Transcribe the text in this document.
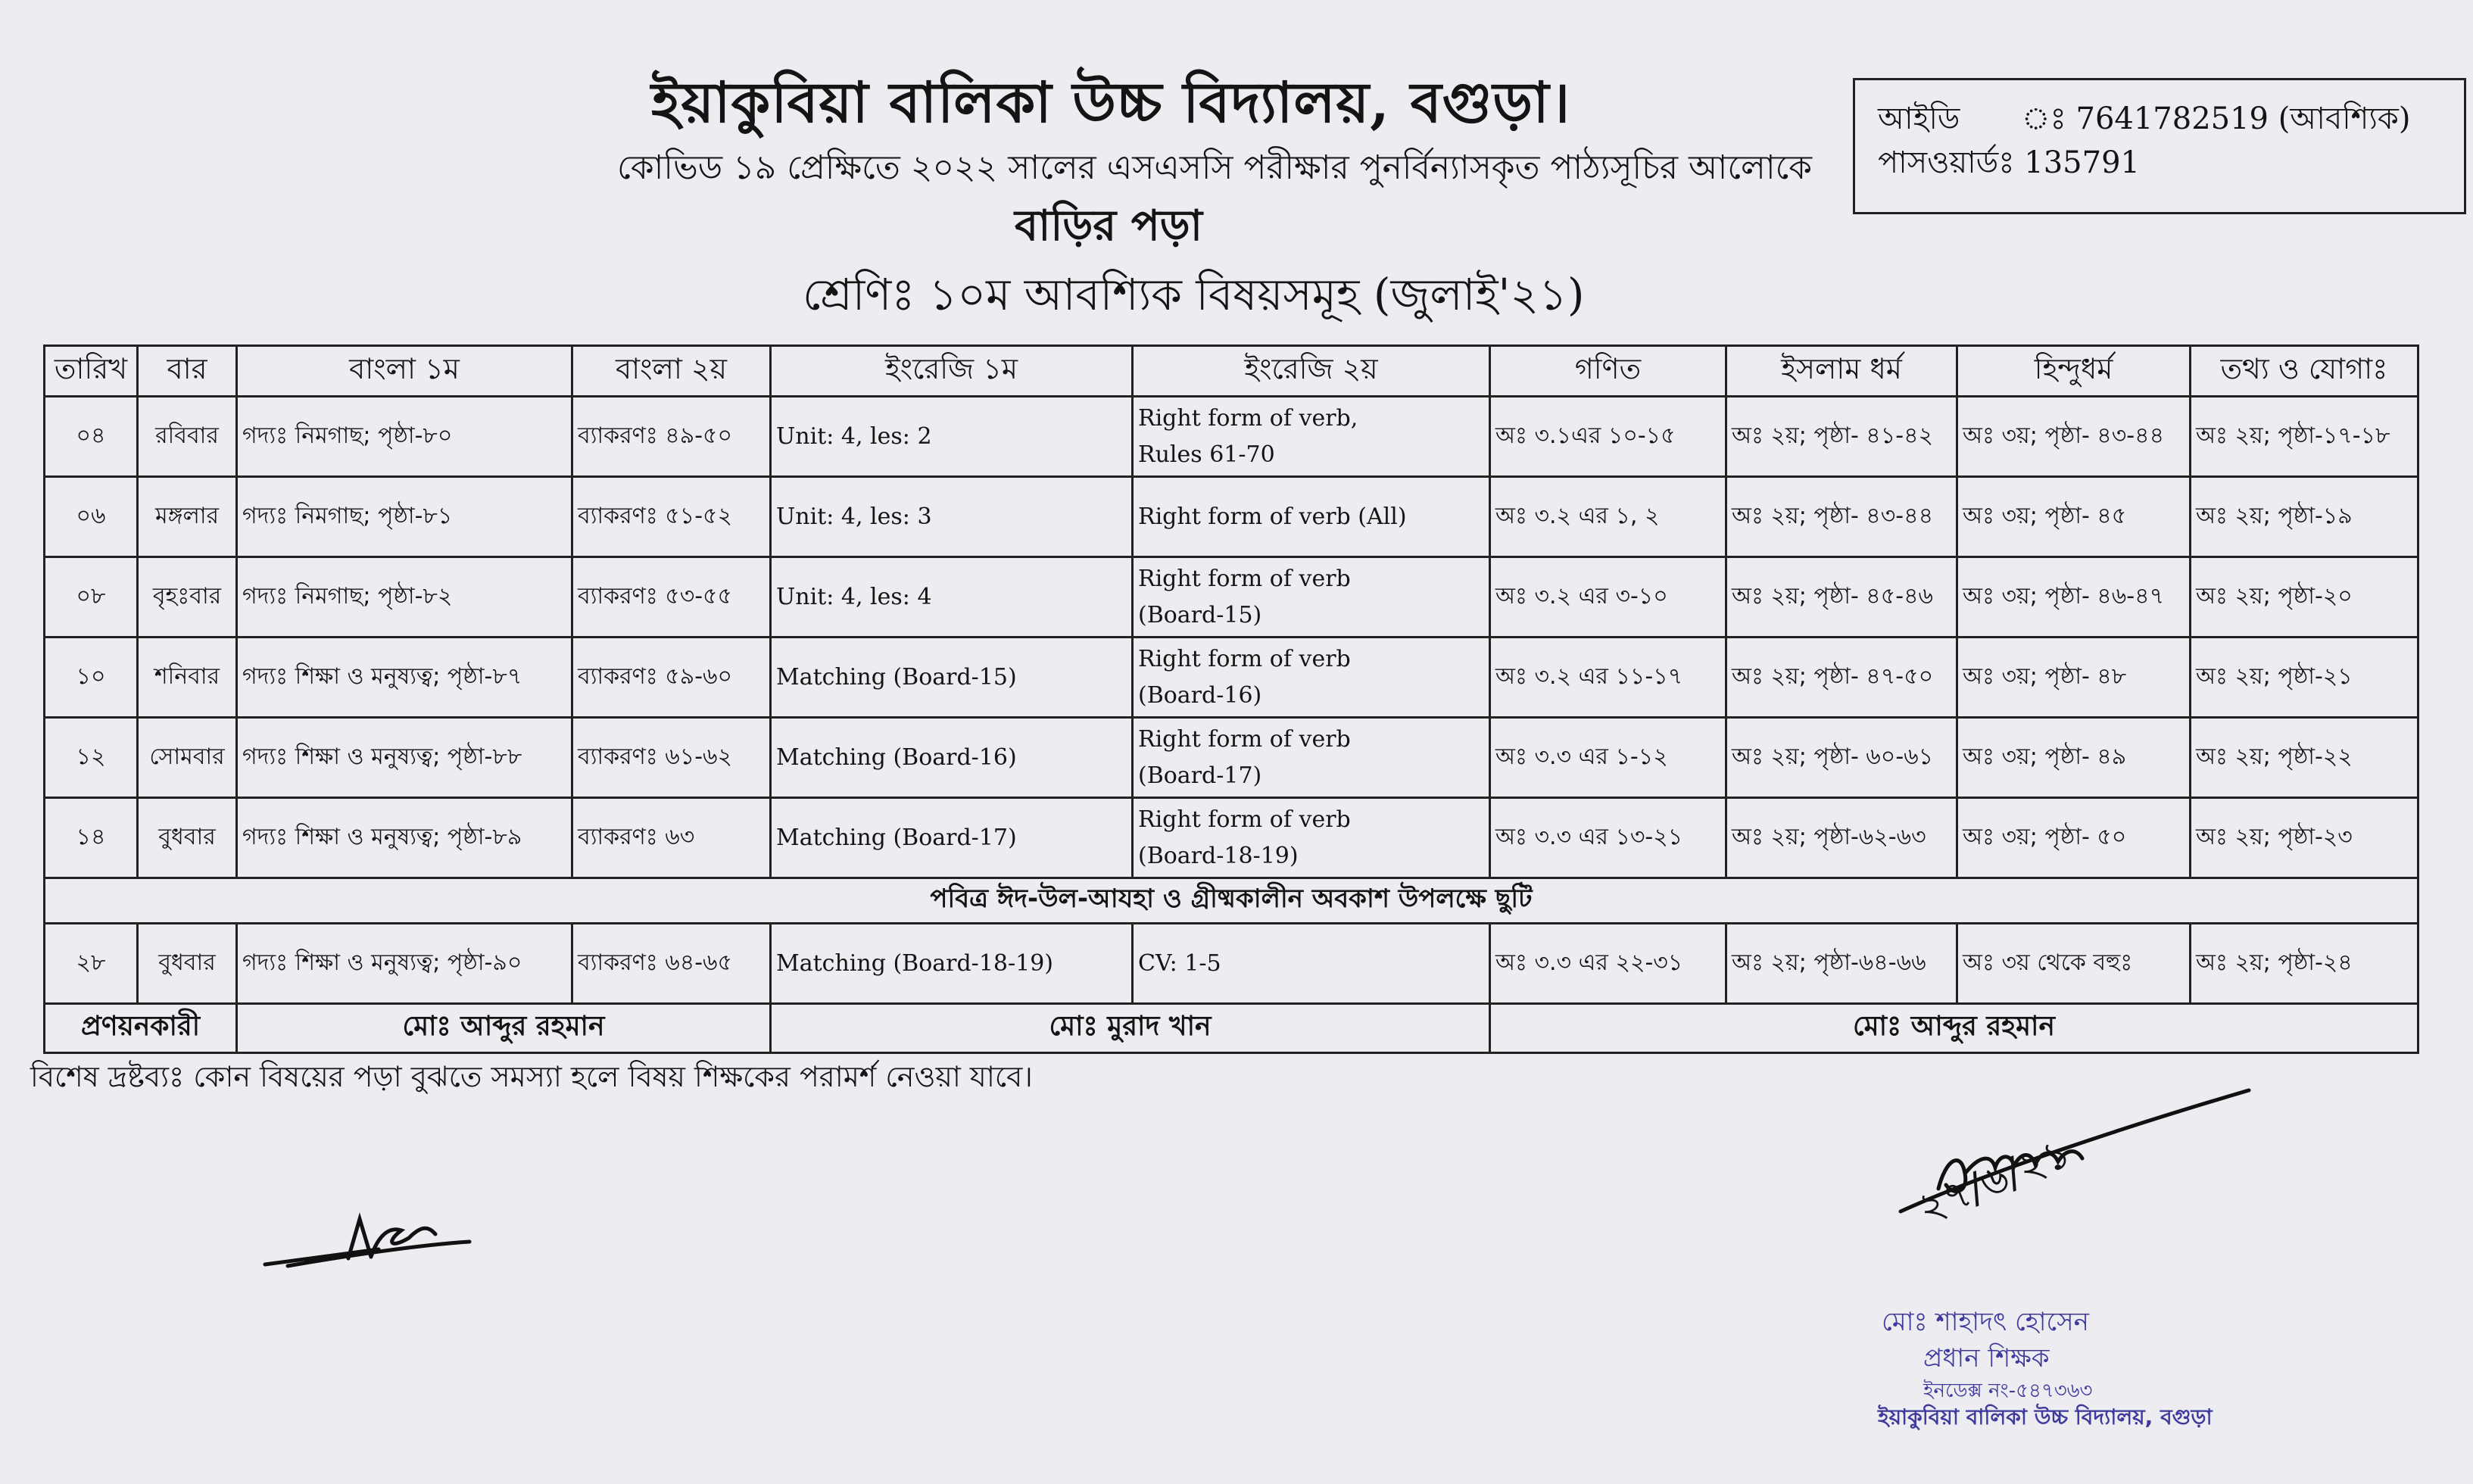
ইয়াকুবিয়া বালিকা উচ্চ বিদ্যালয়, বগুড়া।
কোভিড ১৯ প্রেক্ষিতে ২০২২ সালের এসএসসি পরীক্ষার পুনর্বিন্যাসকৃত পাঠ্যসূচির আলোকে
বাড়ির পড়া
শ্রেণিঃ ১০ম আবশ্যিক বিষয়সমূহ (জুলাই'২১)
আইডি ঃ 7641782519 (আবশ্যিক)
পাসওয়ার্ডঃ 135791
তারিখ	বার	বাংলা ১ম	বাংলা ২য়	ইংরেজি ১ম	ইংরেজি ২য়	গণিত	ইসলাম ধর্ম	হিন্দুধর্ম	তথ্য ও যোগাঃ
০৪	রবিবার	গদ্যঃ নিমগাছ; পৃষ্ঠা-৮০	ব্যাকরণঃ ৪৯-৫০	Unit: 4, les: 2	Right form of verb,
Rules 61-70	অঃ ৩.১এর ১০-১৫	অঃ ২য়; পৃষ্ঠা- ৪১-৪২	অঃ ৩য়; পৃষ্ঠা- ৪৩-৪৪	অঃ ২য়; পৃষ্ঠা-১৭-১৮
০৬	মঙ্গলার	গদ্যঃ নিমগাছ; পৃষ্ঠা-৮১	ব্যাকরণঃ ৫১-৫২	Unit: 4, les: 3	Right form of verb (All)	অঃ ৩.২ এর ১, ২	অঃ ২য়; পৃষ্ঠা- ৪৩-৪৪	অঃ ৩য়; পৃষ্ঠা- ৪৫	অঃ ২য়; পৃষ্ঠা-১৯
০৮	বৃহঃবার	গদ্যঃ নিমগাছ; পৃষ্ঠা-৮২	ব্যাকরণঃ ৫৩-৫৫	Unit: 4, les: 4	Right form of verb
(Board-15)	অঃ ৩.২ এর ৩-১০	অঃ ২য়; পৃষ্ঠা- ৪৫-৪৬	অঃ ৩য়; পৃষ্ঠা- ৪৬-৪৭	অঃ ২য়; পৃষ্ঠা-২০
১০	শনিবার	গদ্যঃ শিক্ষা ও মনুষ্যত্ব; পৃষ্ঠা-৮৭	ব্যাকরণঃ ৫৯-৬০	Matching (Board-15)	Right form of verb
(Board-16)	অঃ ৩.২ এর ১১-১৭	অঃ ২য়; পৃষ্ঠা- ৪৭-৫০	অঃ ৩য়; পৃষ্ঠা- ৪৮	অঃ ২য়; পৃষ্ঠা-২১
১২	সোমবার	গদ্যঃ শিক্ষা ও মনুষ্যত্ব; পৃষ্ঠা-৮৮	ব্যাকরণঃ ৬১-৬২	Matching (Board-16)	Right form of verb
(Board-17)	অঃ ৩.৩ এর ১-১২	অঃ ২য়; পৃষ্ঠা- ৬০-৬১	অঃ ৩য়; পৃষ্ঠা- ৪৯	অঃ ২য়; পৃষ্ঠা-২২
১৪	বুধবার	গদ্যঃ শিক্ষা ও মনুষ্যত্ব; পৃষ্ঠা-৮৯	ব্যাকরণঃ ৬৩	Matching (Board-17)	Right form of verb
(Board-18-19)	অঃ ৩.৩ এর ১৩-২১	অঃ ২য়; পৃষ্ঠা-৬২-৬৩	অঃ ৩য়; পৃষ্ঠা- ৫০	অঃ ২য়; পৃষ্ঠা-২৩
পবিত্র ঈদ-উল-আযহা ও গ্রীষ্মকালীন অবকাশ উপলক্ষে ছুটি									
২৮	বুধবার	গদ্যঃ শিক্ষা ও মনুষ্যত্ব; পৃষ্ঠা-৯০	ব্যাকরণঃ ৬৪-৬৫	Matching (Board-18-19)	CV: 1-5	অঃ ৩.৩ এর ২২-৩১	অঃ ২য়; পৃষ্ঠা-৬৪-৬৬	অঃ ৩য় থেকে বহুঃ	অঃ ২য়; পৃষ্ঠা-২৪
প্রণয়নকারী		মোঃ আব্দুর রহমান		মোঃ মুরাদ খান		মোঃ আব্দুর রহমান			
বিশেষ দ্রষ্টব্যঃ কোন বিষয়ের পড়া বুঝতে সমস্যা হলে বিষয় শিক্ষকের পরামর্শ নেওয়া যাবে।
২৭/৬/২১
মোঃ শাহাদৎ হোসেন
প্রধান শিক্ষক
ইনডেক্স নং-৫৪৭৩৬৩
ইয়াকুবিয়া বালিকা উচ্চ বিদ্যালয়, বগুড়া
